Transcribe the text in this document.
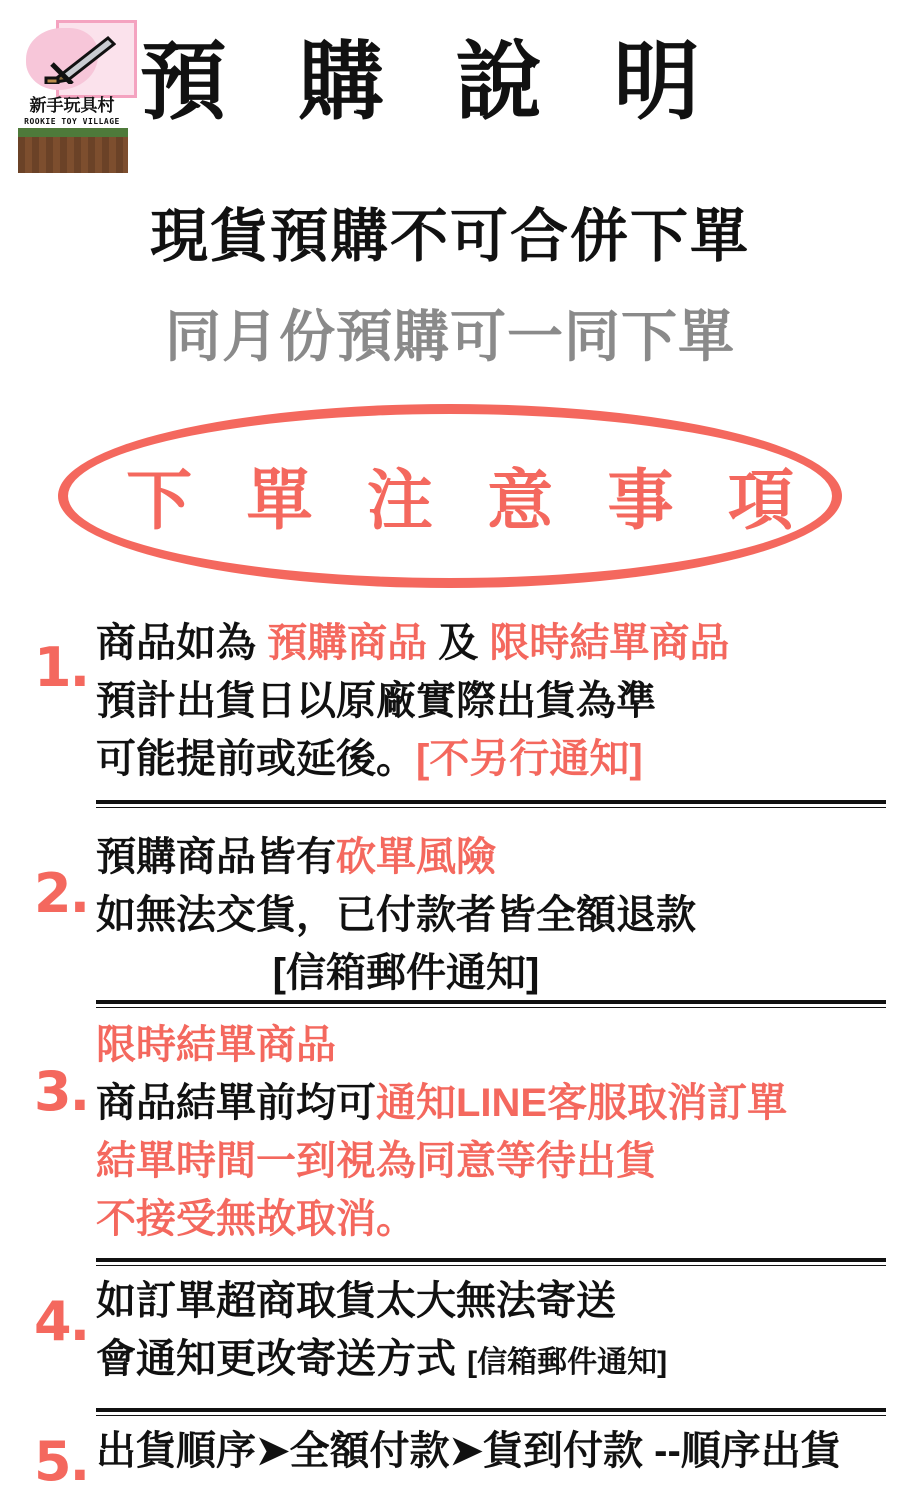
新手玩具村
ROOKIE TOY VILLAGE 預 購 說 明
現貨預購不可合併下單
同月份預購可一同下單
下 單 注 意 事 項
1. 商品如為 預購商品 及 限時結單商品
預計出貨日以原廠實際出貨為準
可能提前或延後。[不另行通知]
2.
預購商品皆有砍單風險
如無法交貨，已付款者皆全額退款
[信箱郵件通知]
3.
限時結單商品
商品結單前均可通知LINE客服取消訂單
結單時間一到視為同意等待出貨
不接受無故取消。
4. 如訂單超商取貨太大無法寄送
會通知更改寄送方式 [信箱郵件通知]
5. 出貨順序➤全額付款➤貨到付款 --順序出貨
